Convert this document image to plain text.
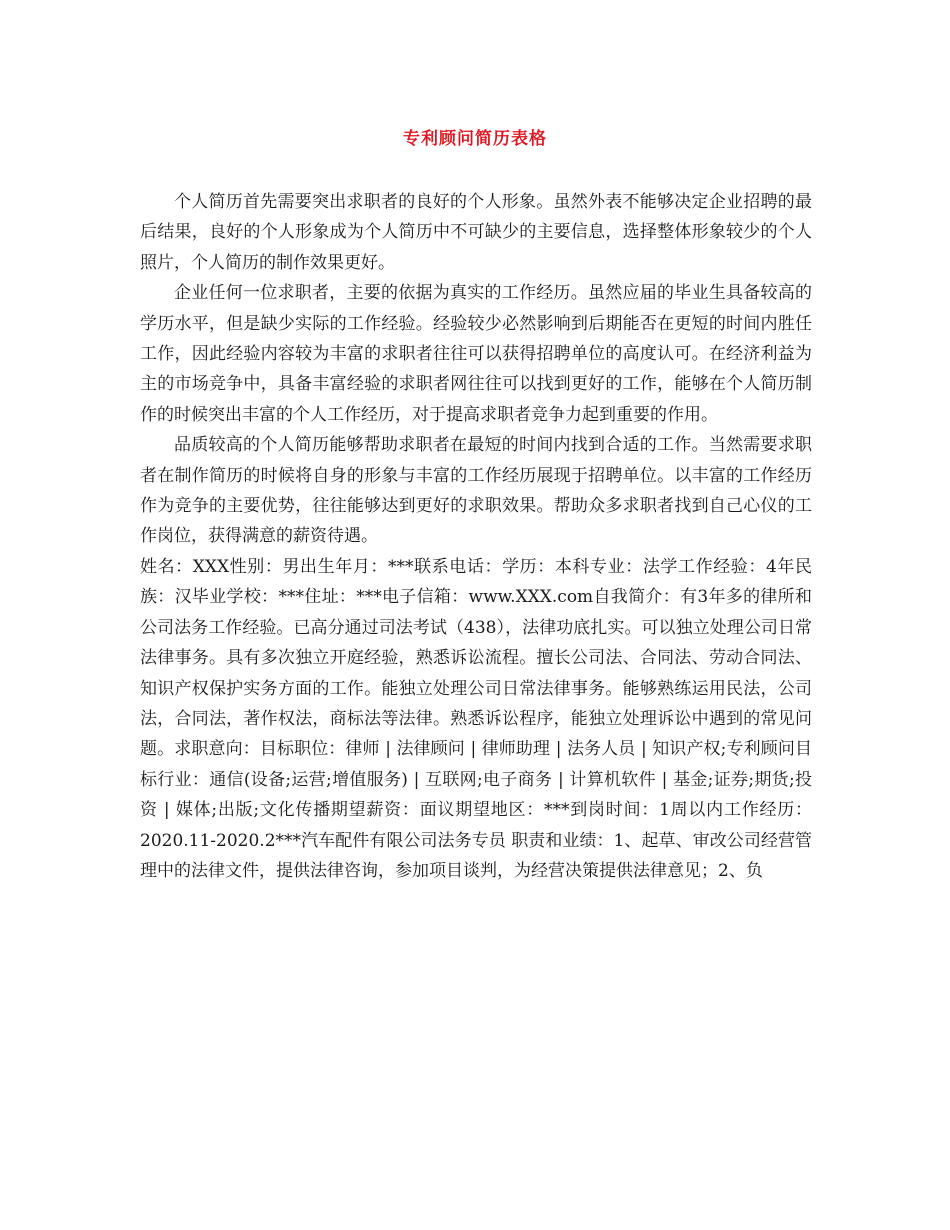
专利顾问简历表格

个人简历首先需要突出求职者的良好的个人形象。虽然外表不能够决定企业招聘的最后结果，良好的个人形象成为个人简历中不可缺少的主要信息，选择整体形象较少的个人照片，个人简历的制作效果更好。

企业任何一位求职者，主要的依据为真实的工作经历。虽然应届的毕业生具备较高的学历水平，但是缺少实际的工作经验。经验较少必然影响到后期能否在更短的时间内胜任工作，因此经验内容较为丰富的求职者往往可以获得招聘单位的高度认可。在经济利益为主的市场竞争中，具备丰富经验的求职者网往往可以找到更好的工作，能够在个人简历制作的时候突出丰富的个人工作经历，对于提高求职者竞争力起到重要的作用。

品质较高的个人简历能够帮助求职者在最短的时间内找到合适的工作。当然需要求职者在制作简历的时候将自身的形象与丰富的工作经历展现于招聘单位。以丰富的工作经历作为竞争的主要优势，往往能够达到更好的求职效果。帮助众多求职者找到自己心仪的工作岗位，获得满意的薪资待遇。

姓名：XXX性别：男出生年月：***联系电话：学历：本科专业：法学工作经验：4年民族：汉毕业学校：***住址：***电子信箱：www.XXX.com自我简介：有3年多的律所和公司法务工作经验。已高分通过司法考试（438），法律功底扎实。可以独立处理公司日常法律事务。具有多次独立开庭经验，熟悉诉讼流程。擅长公司法、合同法、劳动合同法、知识产权保护实务方面的工作。能独立处理公司日常法律事务。能够熟练运用民法，公司法，合同法，著作权法，商标法等法律。熟悉诉讼程序，能独立处理诉讼中遇到的常见问题。求职意向：目标职位：律师 | 法律顾问 | 律师助理 | 法务人员 | 知识产权;专利顾问目标行业：通信(设备;运营;增值服务) | 互联网;电子商务 | 计算机软件 | 基金;证券;期货;投资 | 媒体;出版;文化传播期望薪资：面议期望地区：***到岗时间：1周以内工作经历：2020.11-2020.2***汽车配件有限公司法务专员 职责和业绩：1、起草、审改公司经营管理中的法律文件，提供法律咨询，参加项目谈判，为经营决策提供法律意见；2、负
